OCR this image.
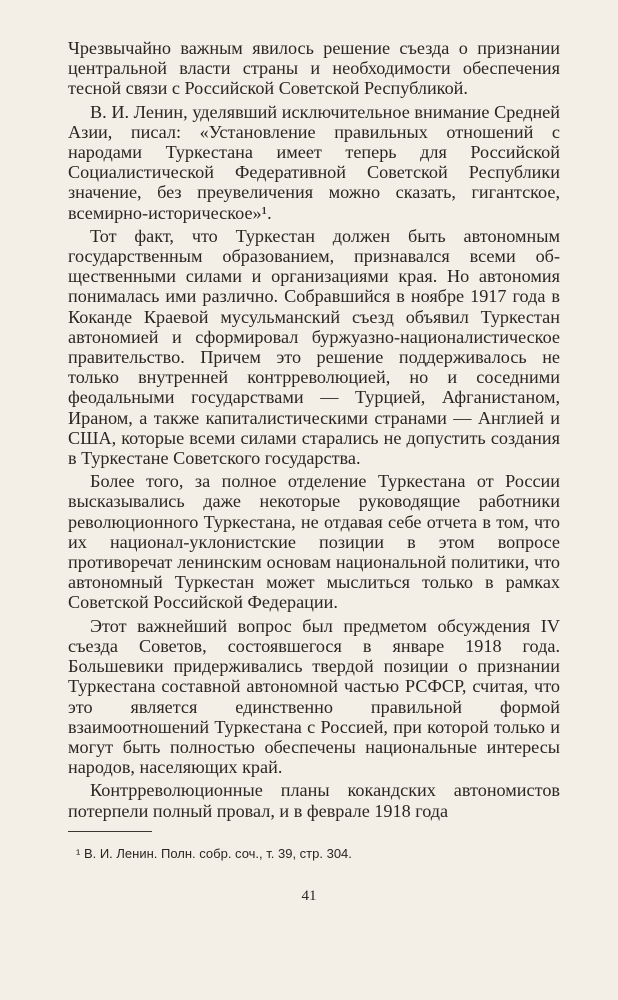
Чрезвычайно важным явилось решение съезда о признании центральной власти страны и необходимости обеспечения тесной связи с Российской Советской Республикой.

В. И. Ленин, уделявший исключительное внимание Средней Азии, писал: «Установление правильных отношений с народами Туркестана имеет теперь для Российской Социалистической Федеративной Советской Республики значение, без преувеличения можно сказать, гигантское, всемирно-историческое»¹.

Тот факт, что Туркестан должен быть автономным государственным образованием, признавался всеми общественными силами и организациями края. Но автономия понималась ими различно. Собравшийся в ноябре 1917 года в Коканде Краевой мусульманский съезд объявил Туркестан автономией и сформировал буржуазно-националистическое правительство. Причем это решение поддерживалось не только внутренней контрреволюцией, но и соседними феодальными государствами — Турцией, Афганистаном, Ираном, а также капиталистическими странами — Англией и США, которые всеми силами старались не допустить создания в Туркестане Советского государства.

Более того, за полное отделение Туркестана от России высказывались даже некоторые руководящие работники революционного Туркестана, не отдавая себе отчета в том, что их национал-уклонистские позиции в этом вопросе противоречат ленинским основам национальной политики, что автономный Туркестан может мыслиться только в рамках Советской Российской Федерации.

Этот важнейший вопрос был предметом обсуждения IV съезда Советов, состоявшегося в январе 1918 года. Большевики придерживались твердой позиции о признании Туркестана составной автономной частью РСФСР, считая, что это является единственно правильной формой взаимоотношений Туркестана с Россией, при которой только и могут быть полностью обеспечены национальные интересы народов, населяющих край.

Контрреволюционные планы кокандских автономистов потерпели полный провал, и в феврале 1918 года

¹ В. И. Ленин. Полн. собр. соч., т. 39, стр. 304.
41
